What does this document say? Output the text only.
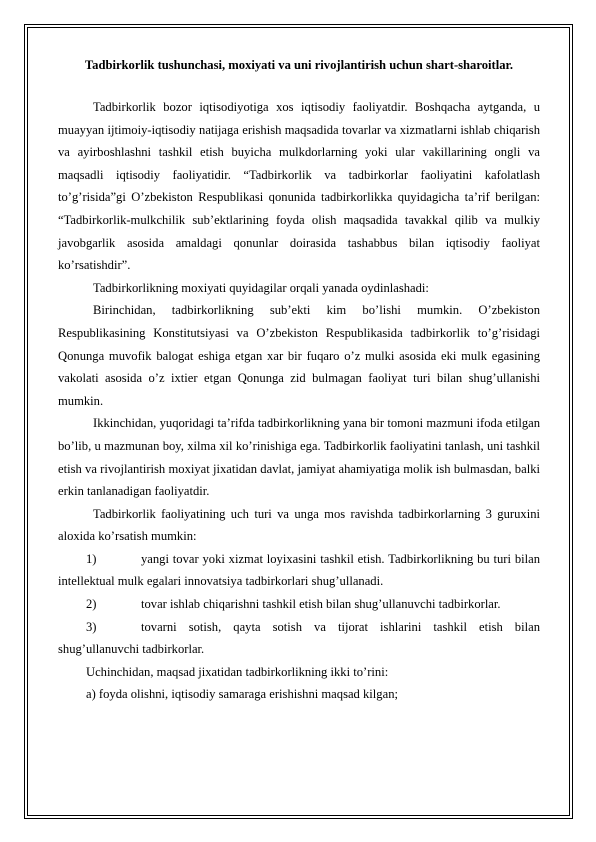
Tadbirkorlik tushunchasi, moxiyati va uni rivojlantirish uchun shart-sharoitlar.

Tadbirkorlik bozor iqtisodiyotiga xos iqtisodiy faoliyatdir. Boshqacha aytganda, u muayyan ijtimoiy-iqtisodiy natijaga erishish maqsadida tovarlar va xizmatlarni ishlab chiqarish va ayirboshlashni tashkil etish buyicha mulkdorlarning yoki ular vakillarining ongli va maqsadli iqtisodiy faoliyatidir. “Tadbirkorlik va tadbirkorlar faoliyatini kafolatlash to’g’risida”gi O’zbekiston Respublikasi qonunida tadbirkorlikka quyidagicha ta’rif berilgan: “Tadbirkorlik-mulkchilik sub’ektlarining foyda olish maqsadida tavakkal qilib va mulkiy javobgarlik asosida amaldagi qonunlar doirasida tashabbus bilan iqtisodiy faoliyat ko’rsatishdir”.

Tadbirkorlikning moxiyati quyidagilar orqali yanada oydinlashadi:

Birinchidan, tadbirkorlikning sub’ekti kim bo’lishi mumkin. O’zbekiston Respublikasining Konstitutsiyasi va O’zbekiston Respublikasida tadbirkorlik to’g’risidagi Qonunga muvofik balogat eshiga etgan xar bir fuqaro o’z mulki asosida eki mulk egasining vakolati asosida o’z ixtier etgan Qonunga zid bulmagan faoliyat turi bilan shug’ullanishi mumkin.

Ikkinchidan, yuqoridagi ta’rifda tadbirkorlikning yana bir tomoni mazmuni ifoda etilgan bo’lib, u mazmunan boy, xilma xil ko’rinishiga ega. Tadbirkorlik faoliyatini tanlash, uni tashkil etish va rivojlantirish moxiyat jixatidan davlat, jamiyat ahamiyatiga molik ish bulmasdan, balki erkin tanlanadigan faoliyatdir.

Tadbirkorlik faoliyatining uch turi va unga mos ravishda tadbirkorlarning 3 guruxini aloxida ko’rsatish mumkin:

1)	yangi tovar yoki xizmat loyixasini tashkil etish. Tadbirkorlikning bu turi bilan intellektual mulk egalari innovatsiya tadbirkorlari shug’ullanadi.

2)	tovar ishlab chiqarishni tashkil etish bilan shug’ullanuvchi tadbirkorlar.

3)	tovarni sotish, qayta sotish va tijorat ishlarini tashkil etish bilan shug’ullanuvchi tadbirkorlar.

Uchinchidan, maqsad jixatidan tadbirkorlikning ikki to’rini:

a) foyda olishni, iqtisodiy samaraga erishishni maqsad kilgan;
